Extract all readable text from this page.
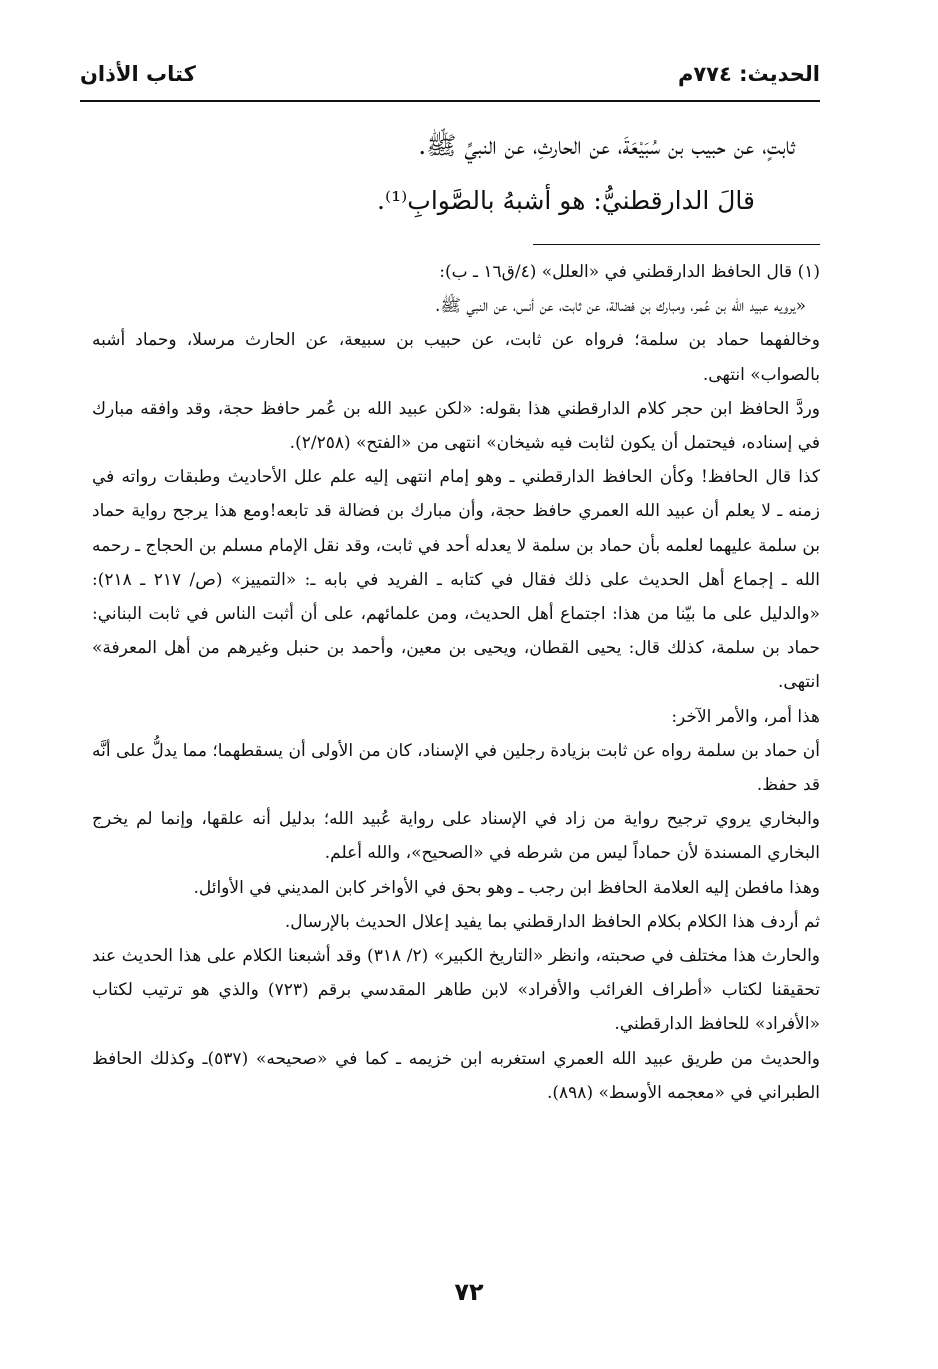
الحديث: ٧٧٤م
كتاب الأذان

ثابتٍ، عن حبيب بن سُبَيْعَةَ، عن الحارثِ، عن النبيِّ ﷺ.

قالَ الدارقطنيُّ: هو أشبهُ بالصَّوابِ⁽¹⁾.

(١) قال الحافظ الدارقطني في «العلل» (٤/ق١٦ ـ ب):

«يرويه عبيد الله بن عُمر، ومبارك بن فضالة، عن ثابت، عن أنس، عن النبي ﷺ.

وخالفهما حماد بن سلمة؛ فرواه عن ثابت، عن حبيب بن سبيعة، عن الحارث مرسلا، وحماد أشبه بالصواب» انتهى.

وردَّ الحافظ ابن حجر كلام الدارقطني هذا بقوله: «لكن عبيد الله بن عُمر حافظ حجة، وقد وافقه مبارك في إسناده، فيحتمل أن يكون لثابت فيه شيخان» انتهى من «الفتح» (٢/٢٥٨).

كذا قال الحافظ! وكأن الحافظ الدارقطني ـ وهو إمام انتهى إليه علم علل الأحاديث وطبقات رواته في زمنه ـ لا يعلم أن عبيد الله العمري حافظ حجة، وأن مبارك بن فضالة قد تابعه!ومع هذا يرجح رواية حماد بن سلمة عليهما لعلمه بأن حماد بن سلمة لا يعدله أحد في ثابت، وقد نقل الإمام مسلم بن الحجاج ـ رحمه الله ـ إجماع أهل الحديث على ذلك فقال في كتابه ـ الفريد في بابه ـ: «التمييز» (ص/ ٢١٧ ـ ٢١٨): «والدليل على ما بيّنا من هذا: اجتماع أهل الحديث، ومن علمائهم، على أن أثبت الناس في ثابت البناني: حماد بن سلمة، كذلك قال: يحيى القطان، ويحيى بن معين، وأحمد بن حنبل وغيرهم من أهل المعرفة» انتهى.

هذا أمر، والأمر الآخر:

أن حماد بن سلمة رواه عن ثابت بزيادة رجلين في الإسناد، كان من الأولى أن يسقطهما؛ مما يدلُّ على أنَّه قد حفظ.

والبخاري يروي ترجيح رواية من زاد في الإسناد على رواية عُبيد الله؛ بدليل أنه علقها، وإنما لم يخرج البخاري المسندة لأن حماداً ليس من شرطه في «الصحيح»، والله أعلم.

وهذا مافطن إليه العلامة الحافظ ابن رجب ـ وهو بحق في الأواخر كابن المديني في الأوائل.

ثم أردف هذا الكلام بكلام الحافظ الدارقطني بما يفيد إعلال الحديث بالإرسال.

والحارث هذا مختلف في صحبته، وانظر «التاريخ الكبير» (٢/ ٣١٨) وقد أشبعنا الكلام على هذا الحديث عند تحقيقنا لكتاب «أطراف الغرائب والأفراد» لابن طاهر المقدسي برقم (٧٢٣) والذي هو ترتيب لكتاب «الأفراد» للحافظ الدارقطني.

والحديث من طريق عبيد الله العمري استغربه ابن خزيمه ـ كما في «صحيحه» (٥٣٧)ـ وكذلك الحافظ الطبراني في «معجمه الأوسط» (٨٩٨).

٧٢
